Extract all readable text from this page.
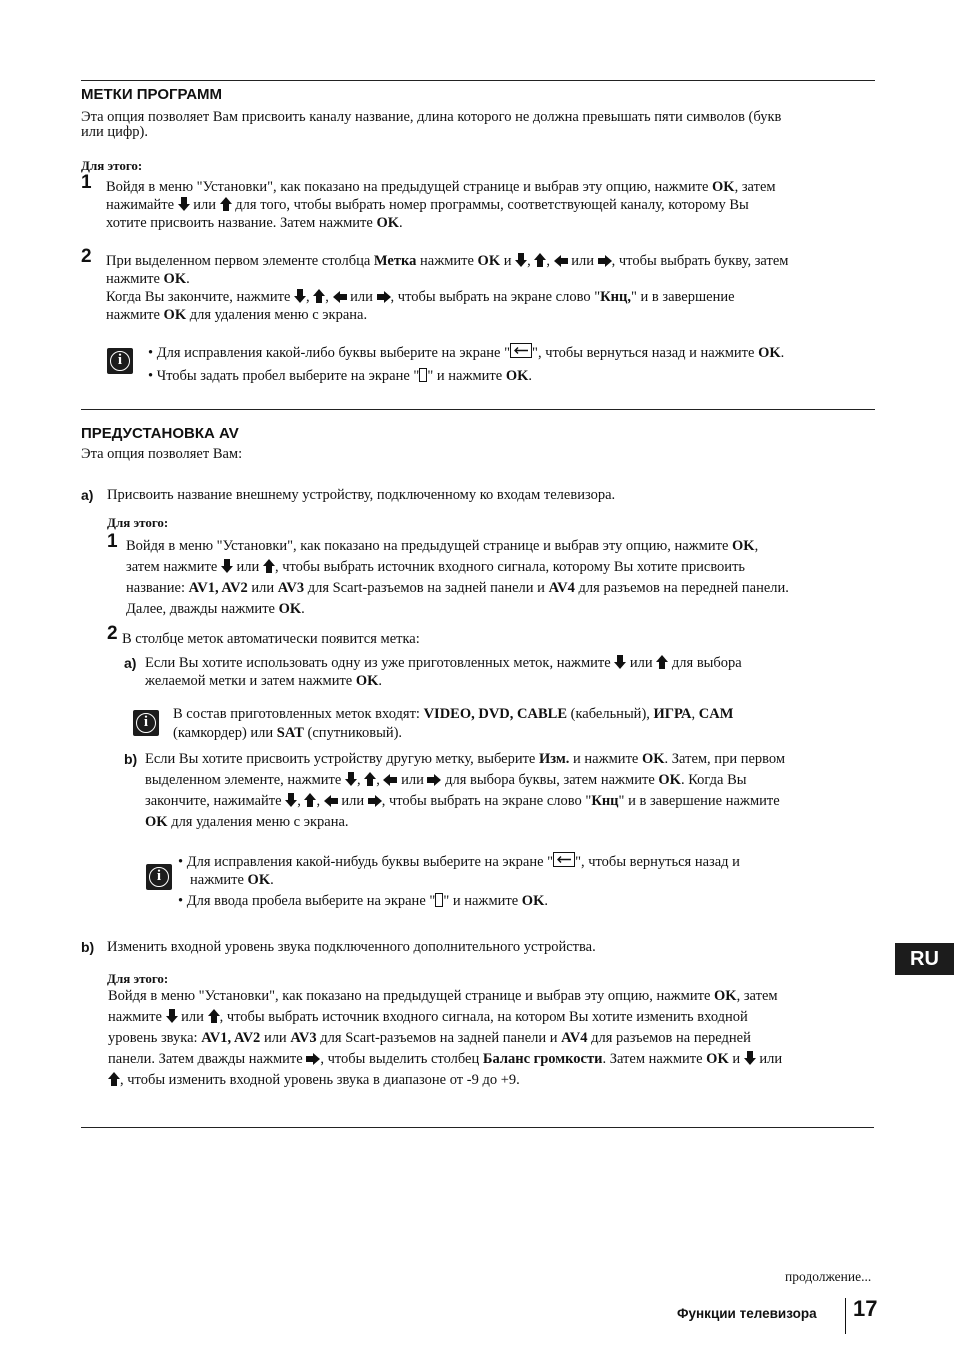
МЕТКИ ПРОГРАММ
Эта опция позволяет Вам присвоить каналу название, длина которого не должна превышать пяти символов (букв
или цифр).
Для этого:
1 Войдя в меню "Установки", как показано на предыдущей странице и выбрав эту опцию, нажмите OK, затем
нажимайте  или  для того, чтобы выбрать номер программы, соответствующей каналу, которому Вы
хотите присвоить название. Затем нажмите OK.
2 При выделенном первом элементе столбца Метка нажмите OK и , ,  или , чтобы выбрать букву, затем
нажмите OK.
Когда Вы закончите, нажмите , ,  или , чтобы выбрать на экране слово "Кнц," и в завершение
нажмите OK для удаления меню с экрана.
i	• Для исправления какой-либо буквы выберите на экране " ", чтобы вернуться назад и нажмите OK.
• Чтобы задать пробел выберите на экране " " и нажмите OK.
ПРЕДУСТАНОВКА AV
Эта опция позволяет Вам:
a) Присвоить название внешнему устройству, подключенному ко входам телевизора.
Для этого:
1 Войдя в меню "Установки", как показано на предыдущей странице и выбрав эту опцию, нажмите OK,
затем нажмите  или , чтобы выбрать источник входного сигнала, которому Вы хотите присвоить
название: AV1, AV2 или AV3 для Scart-разъемов на задней панели и AV4 для разъемов на передней панели.
Далее, дважды нажмите OK.
2 В столбце меток автоматически появится метка:
a) Если Вы хотите использовать одну из уже приготовленных меток, нажмите  или  для выбора
желаемой метки и затем нажмите OK.
i	В состав приготовленных меток входят: VIDEO, DVD, CABLE (кабельный), ИГРА, CAM
(камкордер) или SAT (спутниковый).
b) Если Вы хотите присвоить устройству другую метку, выберите Изм. и нажмите OK. Затем, при первом
выделенном элементе, нажмите , ,  или  для выбора буквы, затем нажмите OK. Когда Вы
закончите, нажимайте , ,  или , чтобы выбрать на экране слово "Кнц" и в завершение нажмите
OK для удаления меню с экрана.
i
• Для исправления какой-нибудь буквы выберите на экране " ", чтобы вернуться назад и
нажмите OK.
• Для ввода пробела выберите на экране " " и нажмите OK.
b) Изменить входной уровень звука подключенного дополнительного устройства.
Для этого:
Войдя в меню "Установки", как показано на предыдущей странице и выбрав эту опцию, нажмите OK, затем
нажмите  или , чтобы выбрать источник входного сигнала, на котором Вы хотите изменить входной
уровень звука: AV1, AV2 или AV3 для Scart-разъемов на задней панели и AV4 для разъемов на передней
панели. Затем дважды нажмите , чтобы выделить столбец Баланс громкости. Затем нажмите OK и  или
, чтобы изменить входной уровень звука в диапазоне от -9 до +9.
RU
продолжение...
Функции телевизора 17
